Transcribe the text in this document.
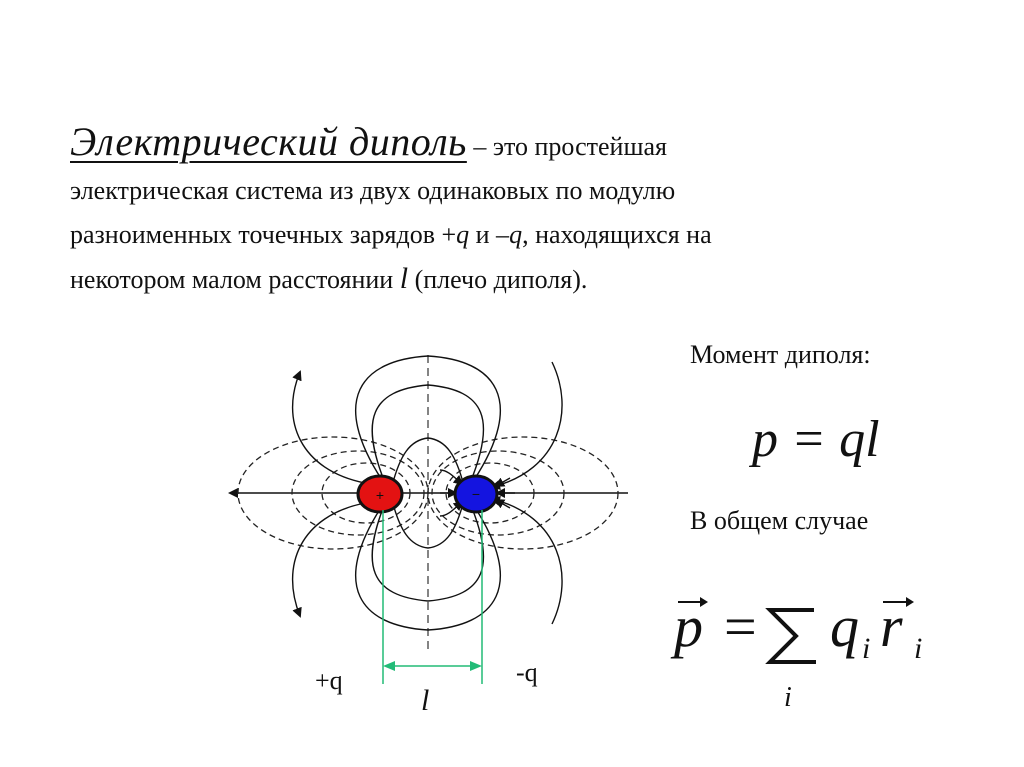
Электрический диполь – это простейшая
электрическая система из двух одинаковых по модулю
разноименных точечных зарядов +q и –q, находящихся на
некотором малом расстоянии l (плечо диполя).
Момент диполя:
p = ql
В общем случае
p =
i
q i r i
+	−
+q	-q
l
